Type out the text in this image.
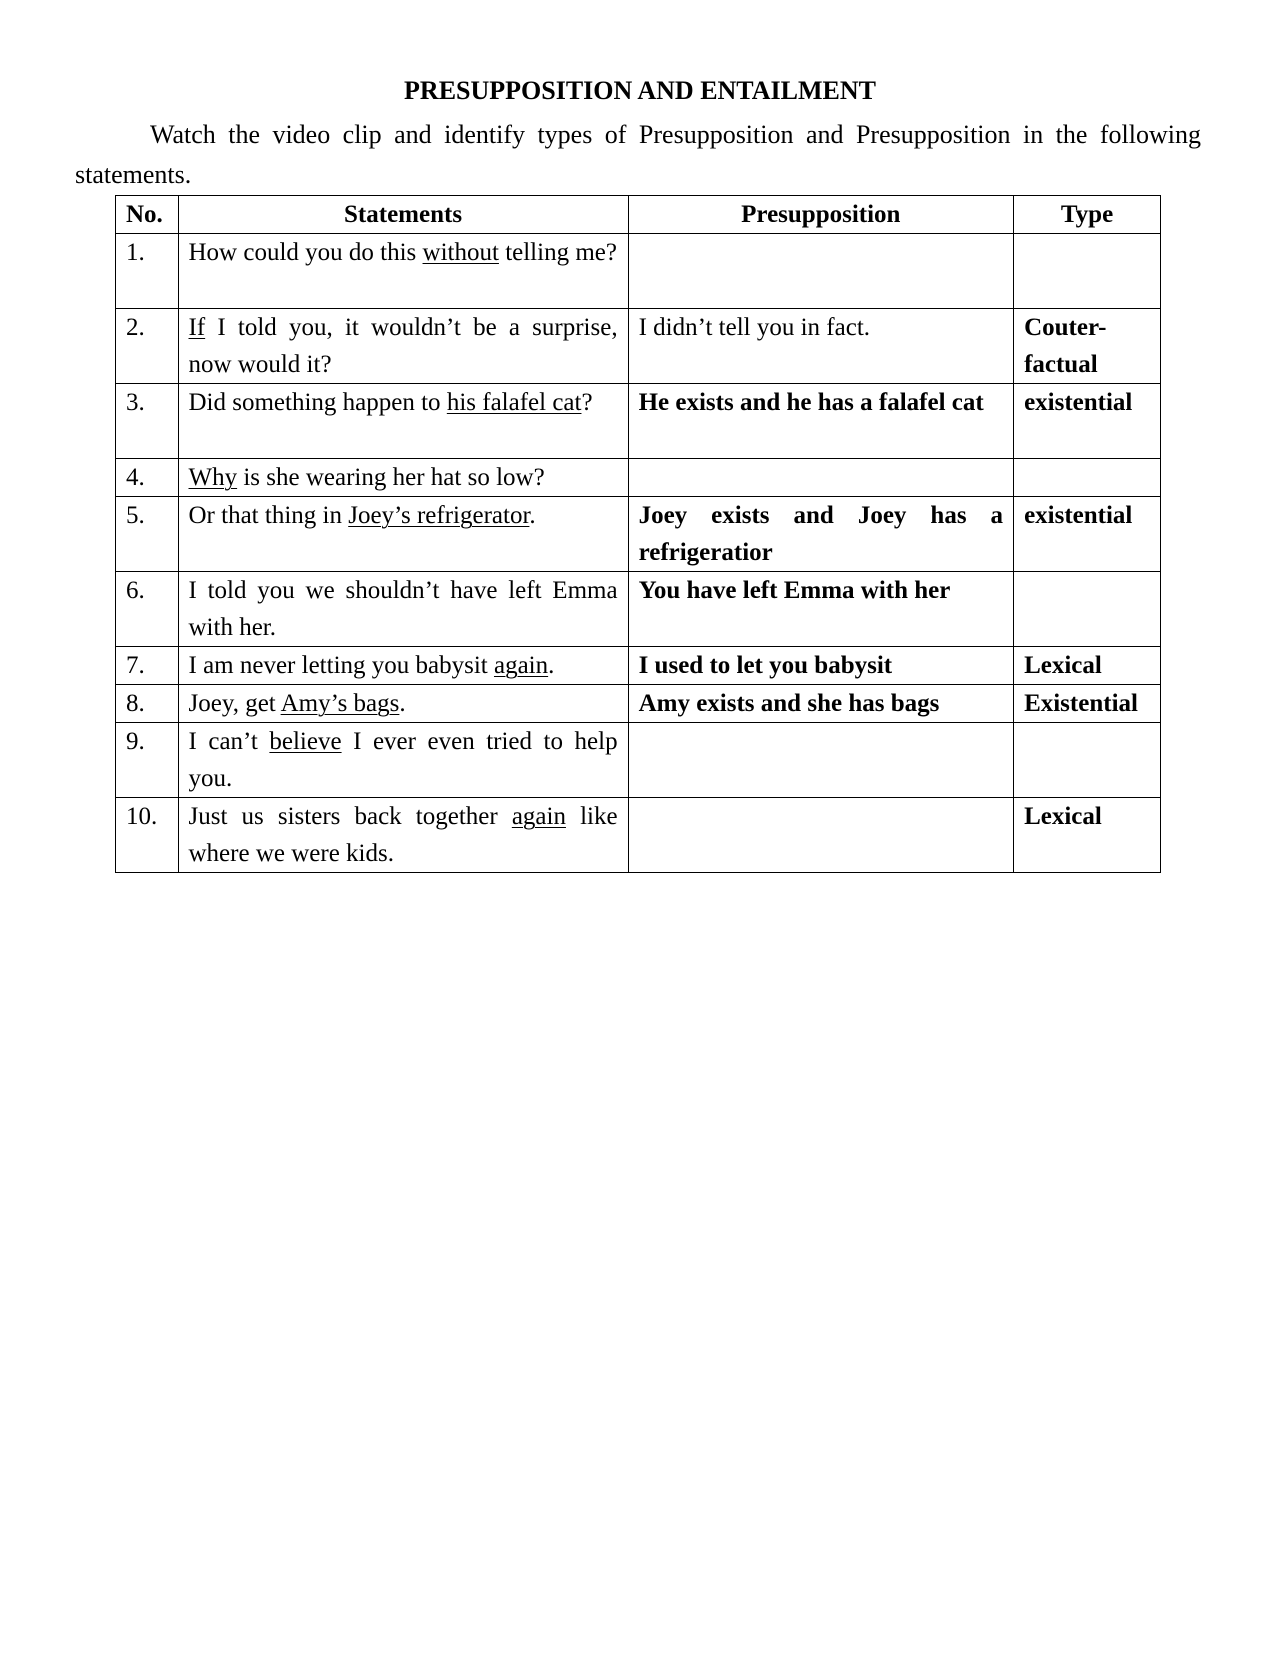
PRESUPPOSITION AND ENTAILMENT

Watch the video clip and identify types of Presupposition and Presupposition in the following statements.

No.	Statements	Presupposition	Type
1.	How could you do this without telling me?		
2.	If I told you, it wouldn’t be a surprise, now would it?	I didn’t tell you in fact.	Couter-factual
3.	Did something happen to his falafel cat?	He exists and he has a falafel cat	existential
4.	Why is she wearing her hat so low?		
5.	Or that thing in Joey’s refrigerator.	Joey exists and Joey has a refrigeratior	existential
6.	I told you we shouldn’t have left Emma with her.	You have left Emma with her	
7.	I am never letting you babysit again.	I used to let you babysit	Lexical
8.	Joey, get Amy’s bags.	Amy exists and she has bags	Existential
9.	I can’t believe I ever even tried to help you.		
10.	Just us sisters back together again like where we were kids.		Lexical
